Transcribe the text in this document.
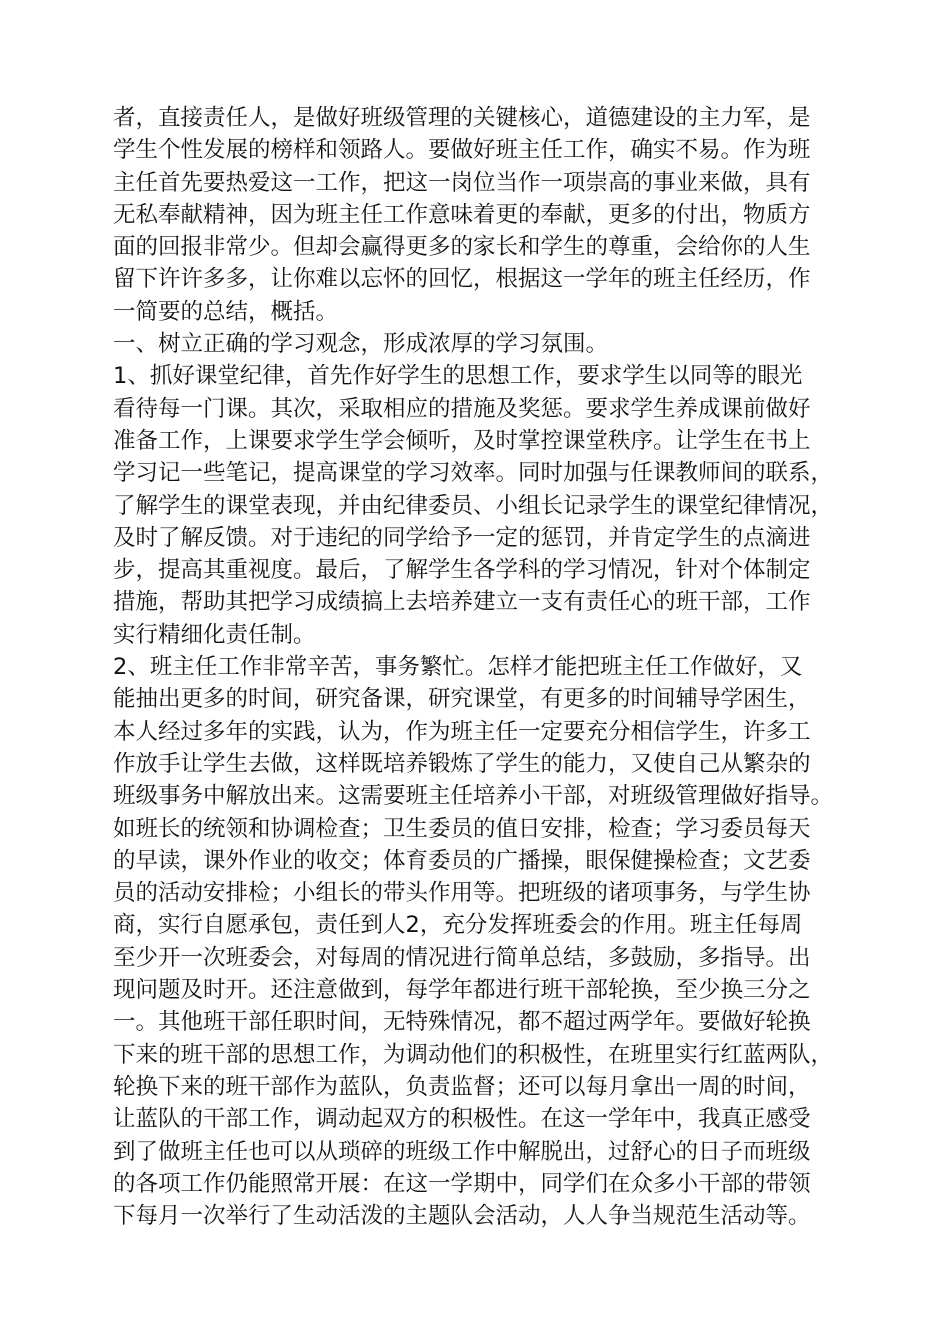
者，直接责任人，是做好班级管理的关键核心，道德建设的主力军，是
学生个性发展的榜样和领路人。要做好班主任工作，确实不易。作为班
主任首先要热爱这一工作，把这一岗位当作一项崇高的事业来做，具有
无私奉献精神，因为班主任工作意味着更的奉献，更多的付出，物质方
面的回报非常少。但却会赢得更多的家长和学生的尊重，会给你的人生
留下许许多多，让你难以忘怀的回忆，根据这一学年的班主任经历，作
一简要的总结，概括。
一、树立正确的学习观念，形成浓厚的学习氛围。
1、抓好课堂纪律，首先作好学生的思想工作，要求学生以同等的眼光
看待每一门课。其次，采取相应的措施及奖惩。要求学生养成课前做好
准备工作，上课要求学生学会倾听，及时掌控课堂秩序。让学生在书上
学习记一些笔记，提高课堂的学习效率。同时加强与任课教师间的联系，
了解学生的课堂表现，并由纪律委员、小组长记录学生的课堂纪律情况，
及时了解反馈。对于违纪的同学给予一定的惩罚，并肯定学生的点滴进
步，提高其重视度。最后，了解学生各学科的学习情况，针对个体制定
措施，帮助其把学习成绩搞上去培养建立一支有责任心的班干部，工作
实行精细化责任制。
2、班主任工作非常辛苦，事务繁忙。怎样才能把班主任工作做好，又
能抽出更多的时间，研究备课，研究课堂，有更多的时间辅导学困生，
本人经过多年的实践，认为，作为班主任一定要充分相信学生，许多工
作放手让学生去做，这样既培养锻炼了学生的能力，又使自己从繁杂的
班级事务中解放出来。这需要班主任培养小干部，对班级管理做好指导。
如班长的统领和协调检查；卫生委员的值日安排，检查；学习委员每天
的早读，课外作业的收交；体育委员的广播操，眼保健操检查；文艺委
员的活动安排检；小组长的带头作用等。把班级的诸项事务，与学生协
商，实行自愿承包，责任到人2，充分发挥班委会的作用。班主任每周
至少开一次班委会，对每周的情况进行简单总结，多鼓励，多指导。出
现问题及时开。还注意做到，每学年都进行班干部轮换，至少换三分之
一。其他班干部任职时间，无特殊情况，都不超过两学年。要做好轮换
下来的班干部的思想工作，为调动他们的积极性，在班里实行红蓝两队，
轮换下来的班干部作为蓝队，负责监督；还可以每月拿出一周的时间，
让蓝队的干部工作，调动起双方的积极性。在这一学年中，我真正感受
到了做班主任也可以从琐碎的班级工作中解脱出，过舒心的日子而班级
的各项工作仍能照常开展：在这一学期中，同学们在众多小干部的带领
下每月一次举行了生动活泼的主题队会活动，人人争当规范生活动等。
